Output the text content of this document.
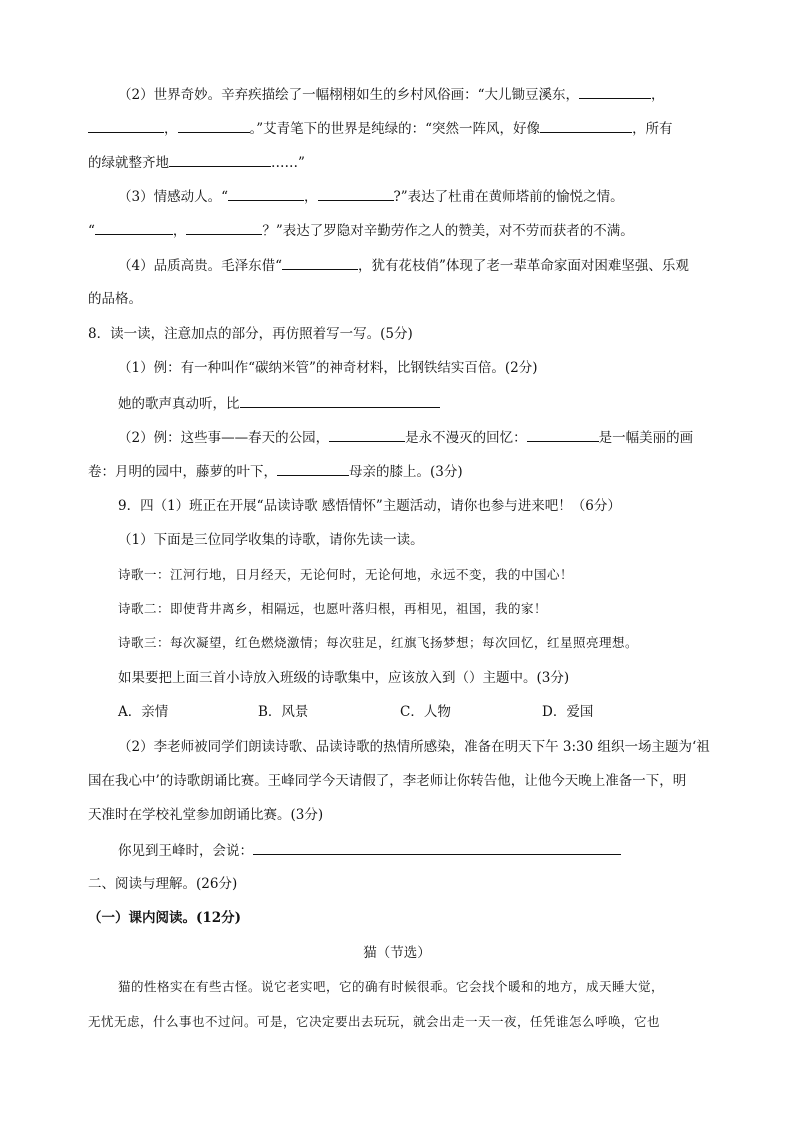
（2）世界奇妙。辛弃疾描绘了一幅栩栩如生的乡村风俗画：“大儿锄豆溪东，	，
，	。”艾青笔下的世界是纯绿的：“突然一阵风，好像	，所有
的绿就整齐地	……”
（3）情感动人。“	，	?”表达了杜甫在黄师塔前的愉悦之情。
“	，	？”表达了罗隐对辛勤劳作之人的赞美，对不劳而获者的不满。
（4）品质高贵。毛泽东借“	，犹有花枝俏”体现了老一辈革命家面对困难坚强、乐观
的品格。
8．读一读，注意加点的部分，再仿照着写一写。(5分)
（1）例：有一种叫作“碳纳米管”的神奇材料，比钢铁结实百倍。(2分)
她的歌声真动听，比
（2）例：这些事——春天的公园，	是永不漫灭的回忆：	是一幅美丽的画
卷：月明的园中，藤萝的叶下，	母亲的膝上。(3分)
9．四（1）班正在开展“品读诗歌 感悟情怀”主题活动，请你也参与进来吧！（6分）
（1）下面是三位同学收集的诗歌，请你先读一读。
诗歌一：江河行地，日月经天，无论何时，无论何地，永远不变，我的中国心！
诗歌二：即使背井离乡，相隔远，也愿叶落归根，再相见，祖国，我的家！
诗歌三：每次凝望，红色燃烧激情；每次驻足，红旗飞扬梦想；每次回忆，红星照亮理想。
如果要把上面三首小诗放入班级的诗歌集中，应该放入到（）主题中。(3分)
A．亲情	B．风景	C．人物	D．爱国
（2）李老师被同学们朗读诗歌、品读诗歌的热情所感染，准备在明天下午 3:30 组织一场主题为‘祖
国在我心中’的诗歌朗诵比赛。王峰同学今天请假了，李老师让你转告他，让他今天晚上准备一下，明
天准时在学校礼堂参加朗诵比赛。(3分)
你见到王峰时，会说：
二、阅读与理解。(26分)
（一）课内阅读。(12分)
猫（节选）
猫的性格实在有些古怪。说它老实吧，它的确有时候很乖。它会找个暖和的地方，成天睡大觉，
无忧无虑，什么事也不过问。可是，它决定要出去玩玩，就会出走一天一夜，任凭谁怎么呼唤，它也
